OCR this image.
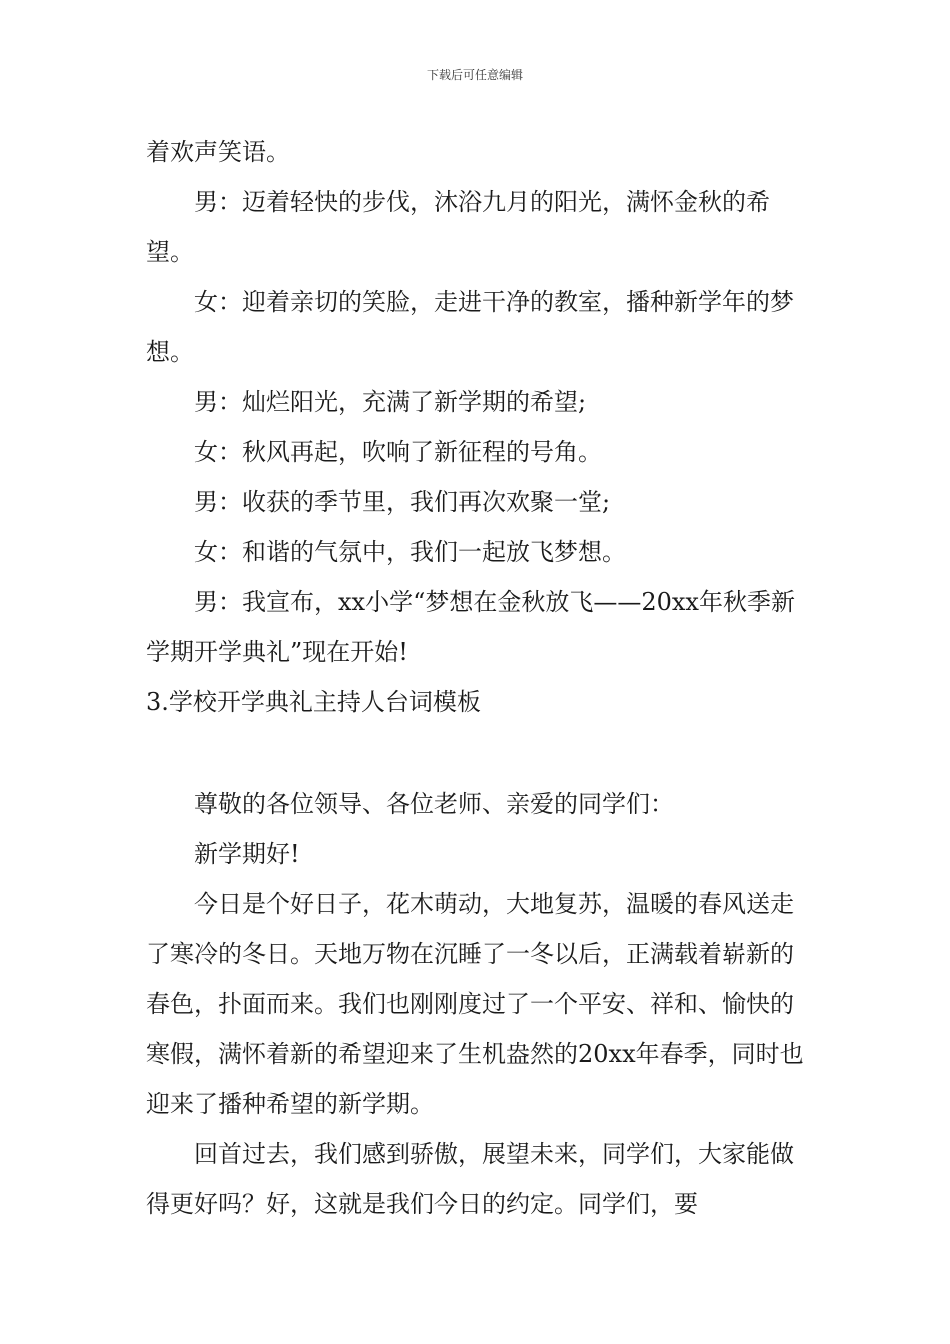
下载后可任意编辑

着欢声笑语。

男：迈着轻快的步伐，沐浴九月的阳光，满怀金秋的希望。

女：迎着亲切的笑脸，走进干净的教室，播种新学年的梦想。

男：灿烂阳光，充满了新学期的希望;

女：秋风再起，吹响了新征程的号角。

男：收获的季节里，我们再次欢聚一堂;

女：和谐的气氛中，我们一起放飞梦想。

男：我宣布，xx小学“梦想在金秋放飞——20xx年秋季新学期开学典礼”现在开始!

3.学校开学典礼主持人台词模板

尊敬的各位领导、各位老师、亲爱的同学们：

新学期好!

今日是个好日子，花木萌动，大地复苏，温暖的春风送走了寒冷的冬日。天地万物在沉睡了一冬以后，正满载着崭新的春色，扑面而来。我们也刚刚度过了一个平安、祥和、愉快的寒假，满怀着新的希望迎来了生机盎然的20xx年春季，同时也迎来了播种希望的新学期。

回首过去，我们感到骄傲，展望未来，同学们，大家能做得更好吗？好，这就是我们今日的约定。同学们，要
